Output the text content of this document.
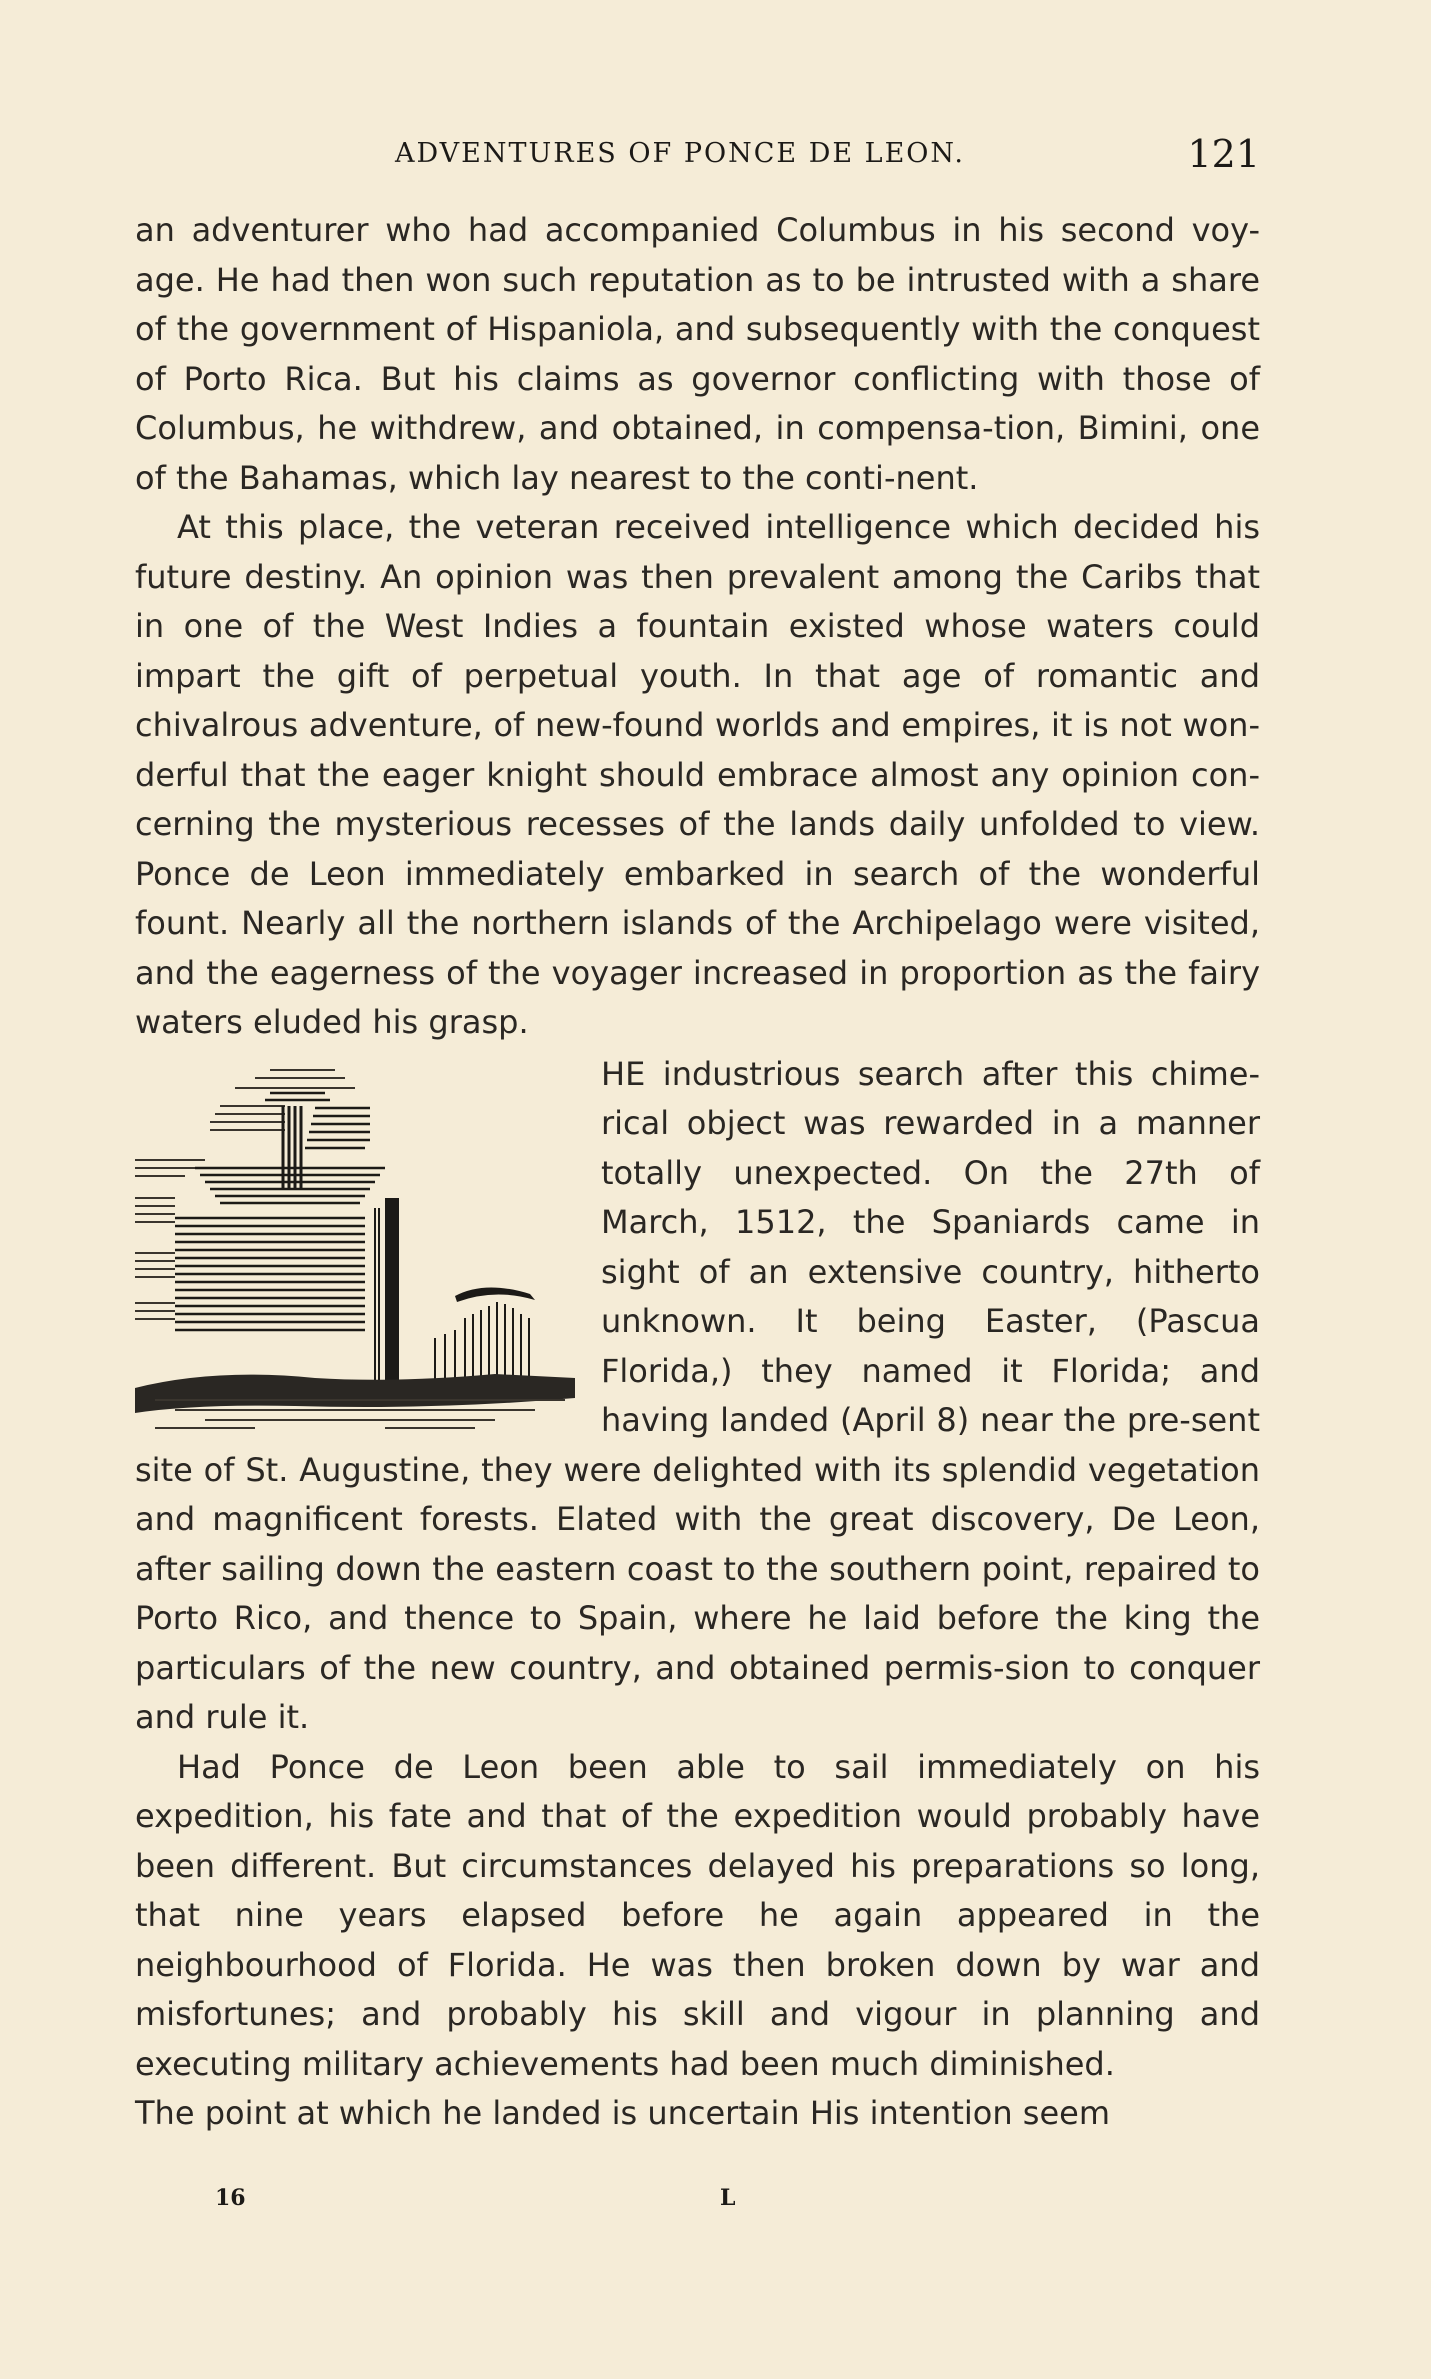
ADVENTURES OF PONCE DE LEON.	121

an adventurer who had accompanied Columbus in his second voy-age. He had then won such reputation as to be intrusted with a share of the government of Hispaniola, and subsequently with the conquest of Porto Rica. But his claims as governor conflicting with those of Columbus, he withdrew, and obtained, in compensa-tion, Bimini, one of the Bahamas, which lay nearest to the conti-nent.

At this place, the veteran received intelligence which decided his future destiny. An opinion was then prevalent among the Caribs that in one of the West Indies a fountain existed whose waters could impart the gift of perpetual youth. In that age of romantic and chivalrous adventure, of new-found worlds and empires, it is not won-derful that the eager knight should embrace almost any opinion con-cerning the mysterious recesses of the lands daily unfolded to view. Ponce de Leon immediately embarked in search of the wonderful fount. Nearly all the northern islands of the Archipelago were visited, and the eagerness of the voyager increased in proportion as the fairy waters eluded his grasp.

HE industrious search after this chime-rical object was rewarded in a manner totally unexpected. On the 27th of March, 1512, the Spaniards came in sight of an extensive country, hitherto unknown. It being Easter, (Pascua Florida,) they named it Florida; and having landed (April 8) near the pre-sent site of St. Augustine, they were delighted with its splendid vegetation and magnificent forests. Elated with the great discovery, De Leon, after sailing down the eastern coast to the southern point, repaired to Porto Rico, and thence to Spain, where he laid before the king the particulars of the new country, and obtained permis-sion to conquer and rule it.

Had Ponce de Leon been able to sail immediately on his expedition, his fate and that of the expedition would probably have been different. But circumstances delayed his preparations so long, that nine years elapsed before he again appeared in the neighbourhood of Florida. He was then broken down by war and misfortunes; and probably his skill and vigour in planning and executing military achievements had been much diminished.

The point at which he landed is uncertain His intention seem

16	L
